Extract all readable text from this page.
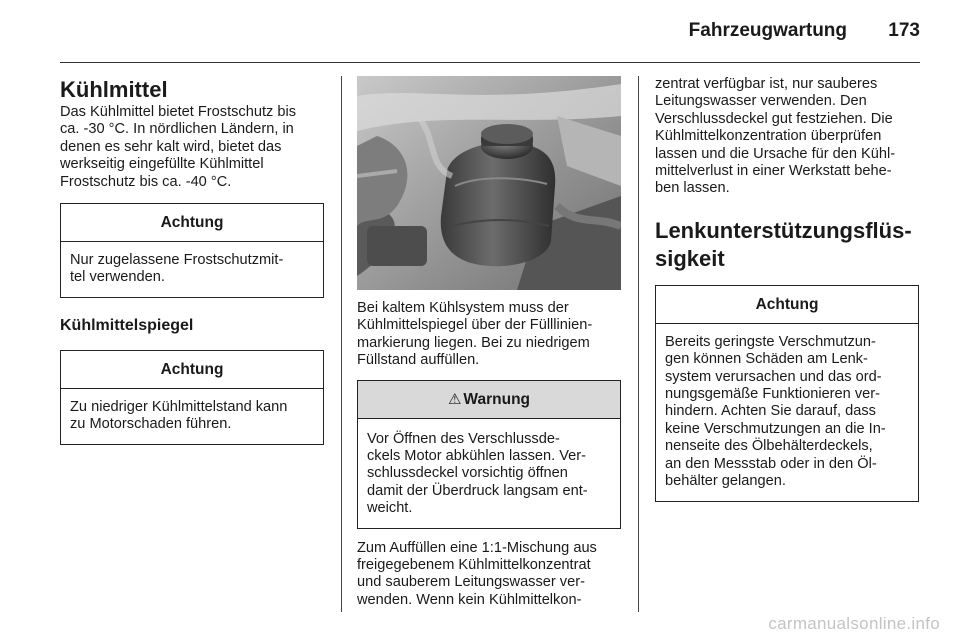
Fahrzeugwartung 173
Kühlmittel

Das Kühlmittel bietet Frostschutz bis
ca. -30 °C. In nördlichen Ländern, in
denen es sehr kalt wird, bietet das
werkseitig eingefüllte Kühlmittel
Frostschutz bis ca. -40 °C.

Achtung
Nur zugelassene Frostschutzmit-
tel verwenden.
Kühlmittelspiegel
Achtung
Zu niedriger Kühlmittelstand kann
zu Motorschaden führen.

Bei kaltem Kühlsystem muss der
Kühlmittelspiegel über der Fülllinien-
markierung liegen. Bei zu niedrigem
Füllstand auffüllen.

⚠ Warnung
Vor Öffnen des Verschlussde-
ckels Motor abkühlen lassen. Ver-
schlussdeckel vorsichtig öffnen
damit der Überdruck langsam ent-
weicht.

Zum Auffüllen eine 1:1-Mischung aus
freigegebenem Kühlmittelkonzentrat
und sauberem Leitungswasser ver-
wenden. Wenn kein Kühlmittelkon-

zentrat verfügbar ist, nur sauberes
Leitungswasser verwenden. Den
Verschlussdeckel gut festziehen. Die
Kühlmittelkonzentration überprüfen
lassen und die Ursache für den Kühl-
mittelverlust in einer Werkstatt behe-
ben lassen.

Lenkunterstützungsflüs-
sigkeit
Achtung
Bereits geringste Verschmutzun-
gen können Schäden am Lenk-
system verursachen und das ord-
nungsgemäße Funktionieren ver-
hindern. Achten Sie darauf, dass
keine Verschmutzungen an die In-
nenseite des Ölbehälterdeckels,
an den Messstab oder in den Öl-
behälter gelangen.
carmanualsonline.info
